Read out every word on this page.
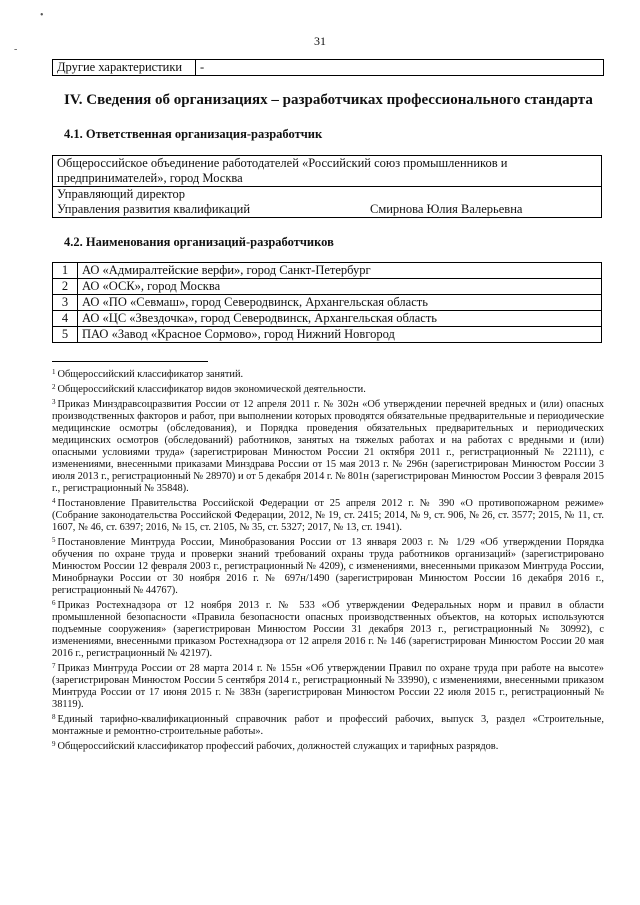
•
-
31
Другие характеристики	-
IV. Сведения об организациях – разработчиках профессионального стандарта
4.1. Ответственная организация-разработчик
Общероссийское объединение работодателей «Российский союз промышленников и
предпринимателей», город Москва
Управляющий директор
Управления развития квалификаций	Смирнова Юлия Валерьевна
4.2. Наименования организаций-разработчиков
1	АО «Адмиралтейские верфи», город Санкт-Петербург
2	АО «ОСК», город Москва
3	АО «ПО «Севмаш», город Северодвинск, Архангельская область
4	АО «ЦС «Звездочка», город Северодвинск, Архангельская область
5	ПАО «Завод «Красное Сормово», город Нижний Новгород

$^1$ Общероссийский классификатор занятий.

$^2$ Общероссийский классификатор видов экономической деятельности.

$^3$ Приказ Минздравсоцразвития России от 12 апреля 2011 г. № 302н «Об утверждении перечней вредных и (или) опасных производственных факторов и работ, при выполнении которых проводятся обязательные предварительные и периодические медицинские осмотры (обследования), и Порядка проведения обязательных предварительных и периодических медицинских осмотров (обследований) работников, занятых на тяжелых работах и на работах с вредными и (или) опасными условиями труда» (зарегистрирован Минюстом России 21 октября 2011 г., регистрационный № 22111), с изменениями, внесенными приказами Минздрава России от 15 мая 2013 г. № 296н (зарегистрирован Минюстом России 3 июля 2013 г., регистрационный № 28970) и от 5 декабря 2014 г. № 801н (зарегистрирован Минюстом России 3 февраля 2015 г., регистрационный № 35848).

$^4$ Постановление Правительства Российской Федерации от 25 апреля 2012 г. № 390 «О противопожарном режиме» (Собрание законодательства Российской Федерации, 2012, № 19, ст. 2415; 2014, № 9, ст. 906, № 26, ст. 3577; 2015, № 11, ст. 1607, № 46, ст. 6397; 2016, № 15, ст. 2105, № 35, ст. 5327; 2017, № 13, ст. 1941).

$^5$ Постановление Минтруда России, Минобразования России от 13 января 2003 г. № 1/29 «Об утверждении Порядка обучения по охране труда и проверки знаний требований охраны труда работников организаций» (зарегистрировано Минюстом России 12 февраля 2003 г., регистрационный № 4209), с изменениями, внесенными приказом Минтруда России, Минобрнауки России от 30 ноября 2016 г. № 697н/1490 (зарегистрирован Минюстом России 16 декабря 2016 г., регистрационный № 44767).

$^6$ Приказ Ростехнадзора от 12 ноября 2013 г. № 533 «Об утверждении Федеральных норм и правил в области промышленной безопасности «Правила безопасности опасных производственных объектов, на которых используются подъемные сооружения» (зарегистрирован Минюстом России 31 декабря 2013 г., регистрационный № 30992), с изменениями, внесенными приказом Ростехнадзора от 12 апреля 2016 г. № 146 (зарегистрирован Минюстом России 20 мая 2016 г., регистрационный № 42197).

$^7$ Приказ Минтруда России от 28 марта 2014 г. № 155н «Об утверждении Правил по охране труда при работе на высоте» (зарегистрирован Минюстом России 5 сентября 2014 г., регистрационный № 33990), с изменениями, внесенными приказом Минтруда России от 17 июня 2015 г. № 383н (зарегистрирован Минюстом России 22 июля 2015 г., регистрационный № 38119).

$^8$ Единый тарифно-квалификационный справочник работ и профессий рабочих, выпуск 3, раздел «Строительные, монтажные и ремонтно-строительные работы».

$^9$ Общероссийский классификатор профессий рабочих, должностей служащих и тарифных разрядов.
